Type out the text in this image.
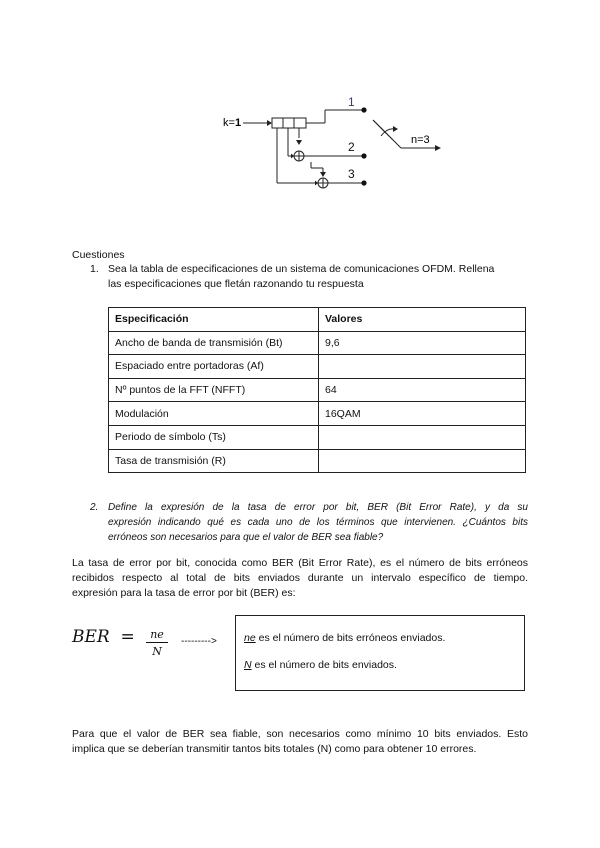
k=1
1
2
3
n=3
Cuestiones
1. Sea la tabla de especificaciones de un sistema de comunicaciones OFDM. Rellena
las especificaciones que fletán razonando tu respuesta
Especificación	Valores
Ancho de banda de transmisión (Bt)	9,6
Espaciado entre portadoras (Af)	
Nº puntos de la FFT (NFFT)	64
Modulación	16QAM
Periodo de símbolo (Ts)	
Tasa de transmisión (R)	
2. Define la expresión de la tasa de error por bit, BER (Bit Error Rate), y da su
expresión indicando qué es cada uno de los términos que intervienen. ¿Cuántos bits
erróneos son necesarios para que el valor de BER sea fiable?
La tasa de error por bit, conocida como BER (Bit Error Rate), es el número de bits erróneos
recibidos respecto al total de bits enviados durante un intervalo específico de tiempo.
expresión para la tasa de error por bit (BER) es:
BER  =	ne
N
--------->	ne es el número de bits erróneos enviados.
N es el número de bits enviados.
Para que el valor de BER sea fiable, son necesarios como mínimo 10 bits enviados. Esto
implica que se deberían transmitir tantos bits totales (N) como para obtener 10 errores.
